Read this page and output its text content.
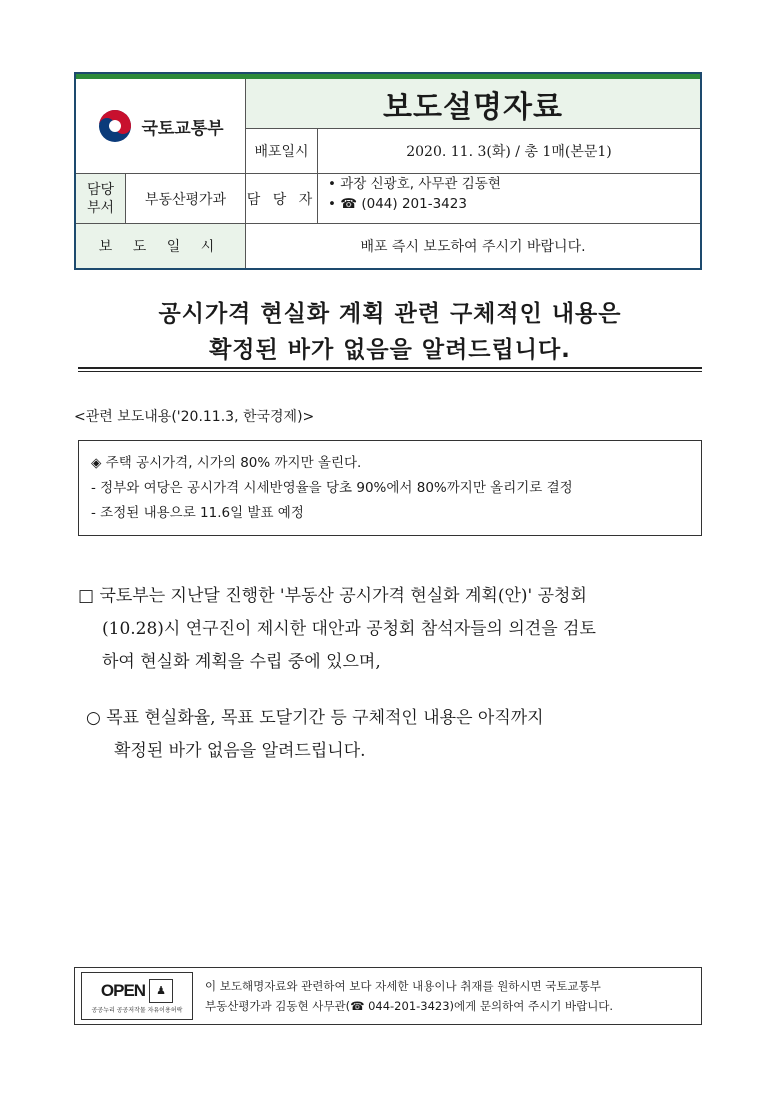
국토교통부
보도설명자료
배포일시	2020. 11. 3(화) / 총 1매(본문1)
담당
부서	부동산평가과	담 당 자
• 과장 신광호, 사무관 김동현
• ☎ (044) 201-3423
보 도 일 시	배포 즉시 보도하여 주시기 바랍니다.
공시가격 현실화 계획 관련 구체적인 내용은
확정된 바가 없음을 알려드립니다.
<관련 보도내용('20.11.3, 한국경제)>
◈ 주택 공시가격, 시가의 80% 까지만 올린다.
- 정부와 여당은 공시가격 시세반영율을 당초 90%에서 80%까지만 올리기로 결정
- 조정된 내용으로 11.6일 발표 예정
□ 국토부는 지난달 진행한 '부동산 공시가격 현실화 계획(안)' 공청회
(10.28)시 연구진이 제시한 대안과 공청회 참석자들의 의견을 검토
하여 현실화 계획을 수립 중에 있으며,
○ 목표 현실화율, 목표 도달기간 등 구체적인 내용은 아직까지
확정된 바가 없음을 알려드립니다.
OPEN	♟
공공누리 공공저작물 자유이용허락
이 보도해명자료와 관련하여 보다 자세한 내용이나 취재를 원하시면 국토교통부
부동산평가과 김동현 사무관(☎ 044-201-3423)에게 문의하여 주시기 바랍니다.
